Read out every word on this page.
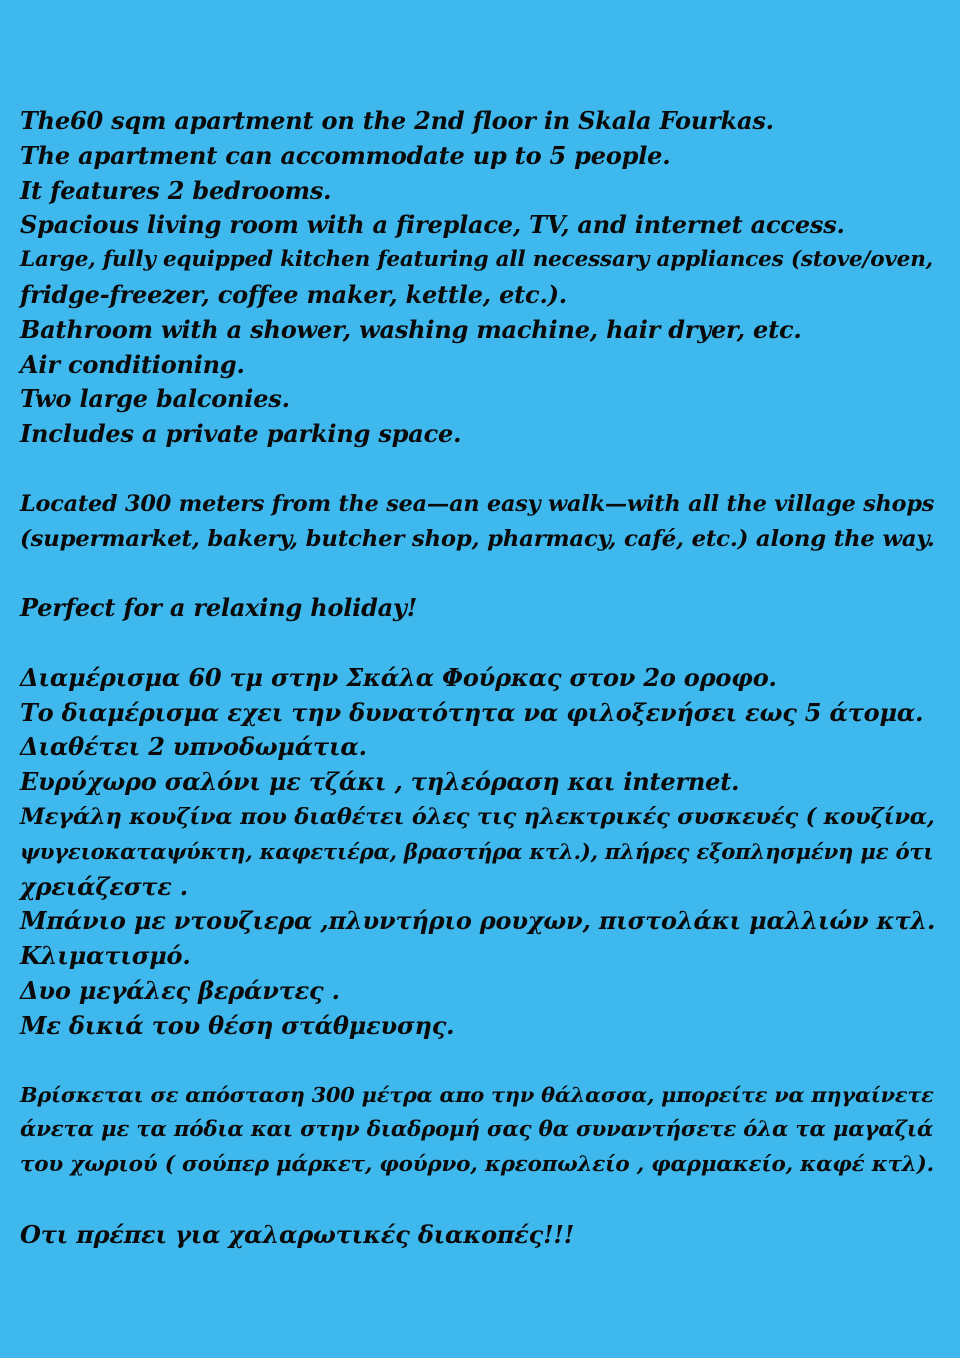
The60 sqm apartment on the 2nd floor in Skala Fourkas.
The apartment can accommodate up to 5 people.
It features 2 bedrooms.
Spacious living room with a fireplace, TV, and internet access.
Large, fully equipped kitchen featuring all necessary appliances (stove/oven,
fridge-freezer, coffee maker, kettle, etc.).
Bathroom with a shower, washing machine, hair dryer, etc.
Air conditioning.
Two large balconies.
Includes a private parking space.
Located 300 meters from the sea—an easy walk—with all the village shops
(supermarket, bakery, butcher shop, pharmacy, café, etc.) along the way.
Perfect for a relaxing holiday!
Διαμέρισμα 60 τμ στην Σκάλα Φούρκας στον 2ο οροφο.
Το διαμέρισμα εχει την δυνατότητα να φιλοξενήσει εως 5 άτομα.
Διαθέτει 2 υπνοδωμάτια.
Ευρύχωρο σαλόνι με τζάκι , τηλεόραση και internet.
Μεγάλη κουζίνα που διαθέτει όλες τις ηλεκτρικές συσκευές ( κουζίνα,
ψυγειοκαταψύκτη, καφετιέρα, βραστήρα κτλ.), πλήρες εξοπλησμένη με ότι
χρειάζεστε .
Μπάνιο με ντουζιερα ,πλυντήριο ρουχων, πιστολάκι μαλλιών κτλ.
Κλιματισμό.
Δυο μεγάλες βεράντες .
Με δικιά του θέση στάθμευσης.
Βρίσκεται σε απόσταση 300 μέτρα απο την θάλασσα, μπορείτε να πηγαίνετε
άνετα με τα πόδια και στην διαδρομή σας θα συναντήσετε όλα τα μαγαζιά
του χωριού ( σούπερ μάρκετ, φούρνο, κρεοπωλείο , φαρμακείο, καφέ κτλ).
Οτι πρέπει για χαλαρωτικές διακοπές!!!
